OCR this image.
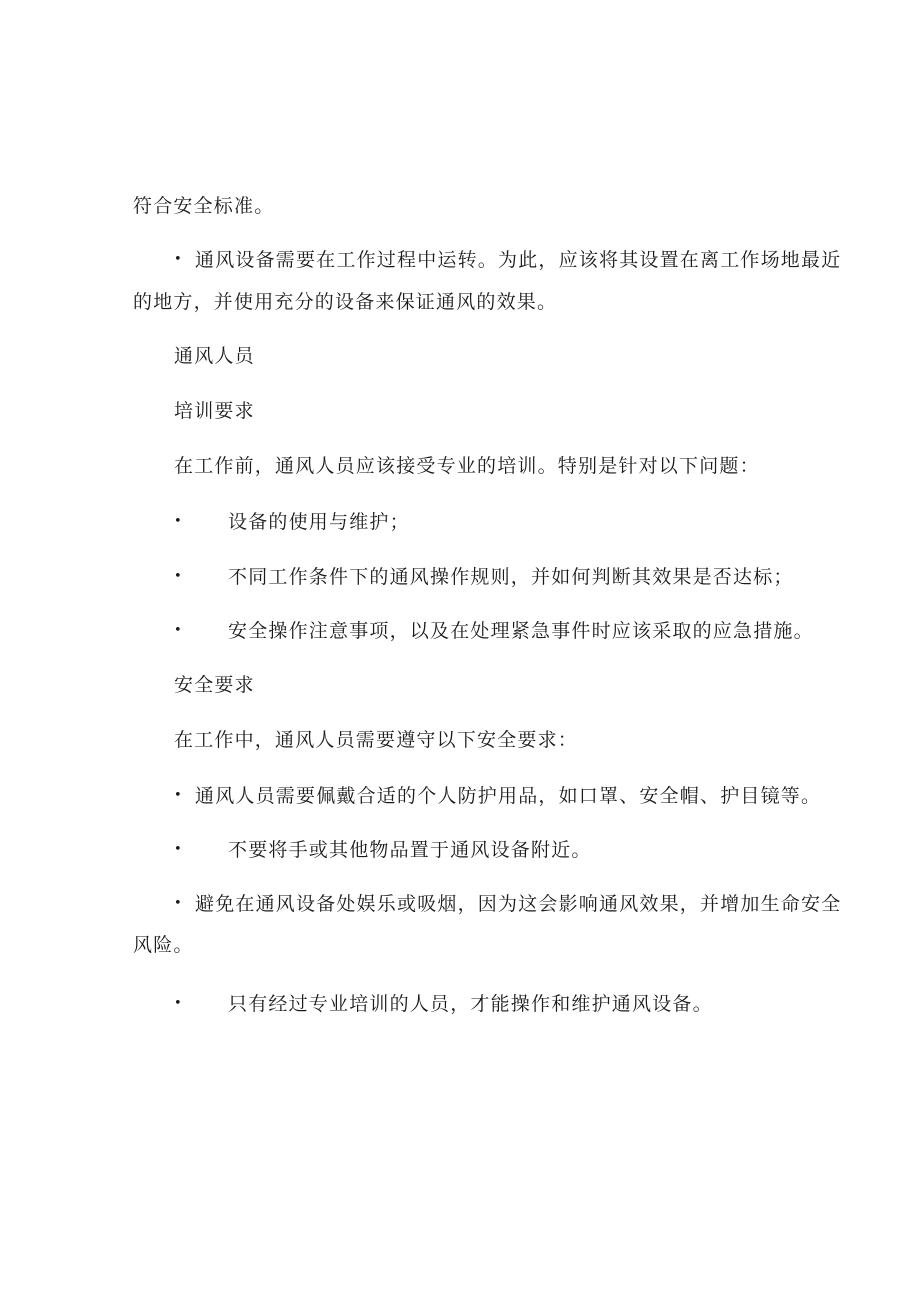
符合安全标准。
• 通风设备需要在工作过程中运转。为此，应该将其设置在离工作场地最近
的地方，并使用充分的设备来保证通风的效果。
通风人员
培训要求
在工作前，通风人员应该接受专业的培训。特别是针对以下问题：
• 设备的使用与维护；
• 不同工作条件下的通风操作规则，并如何判断其效果是否达标；
• 安全操作注意事项，以及在处理紧急事件时应该采取的应急措施。
安全要求
在工作中，通风人员需要遵守以下安全要求：
• 通风人员需要佩戴合适的个人防护用品，如口罩、安全帽、护目镜等。
• 不要将手或其他物品置于通风设备附近。
• 避免在通风设备处娱乐或吸烟，因为这会影响通风效果，并增加生命安全
风险。
• 只有经过专业培训的人员，才能操作和维护通风设备。
